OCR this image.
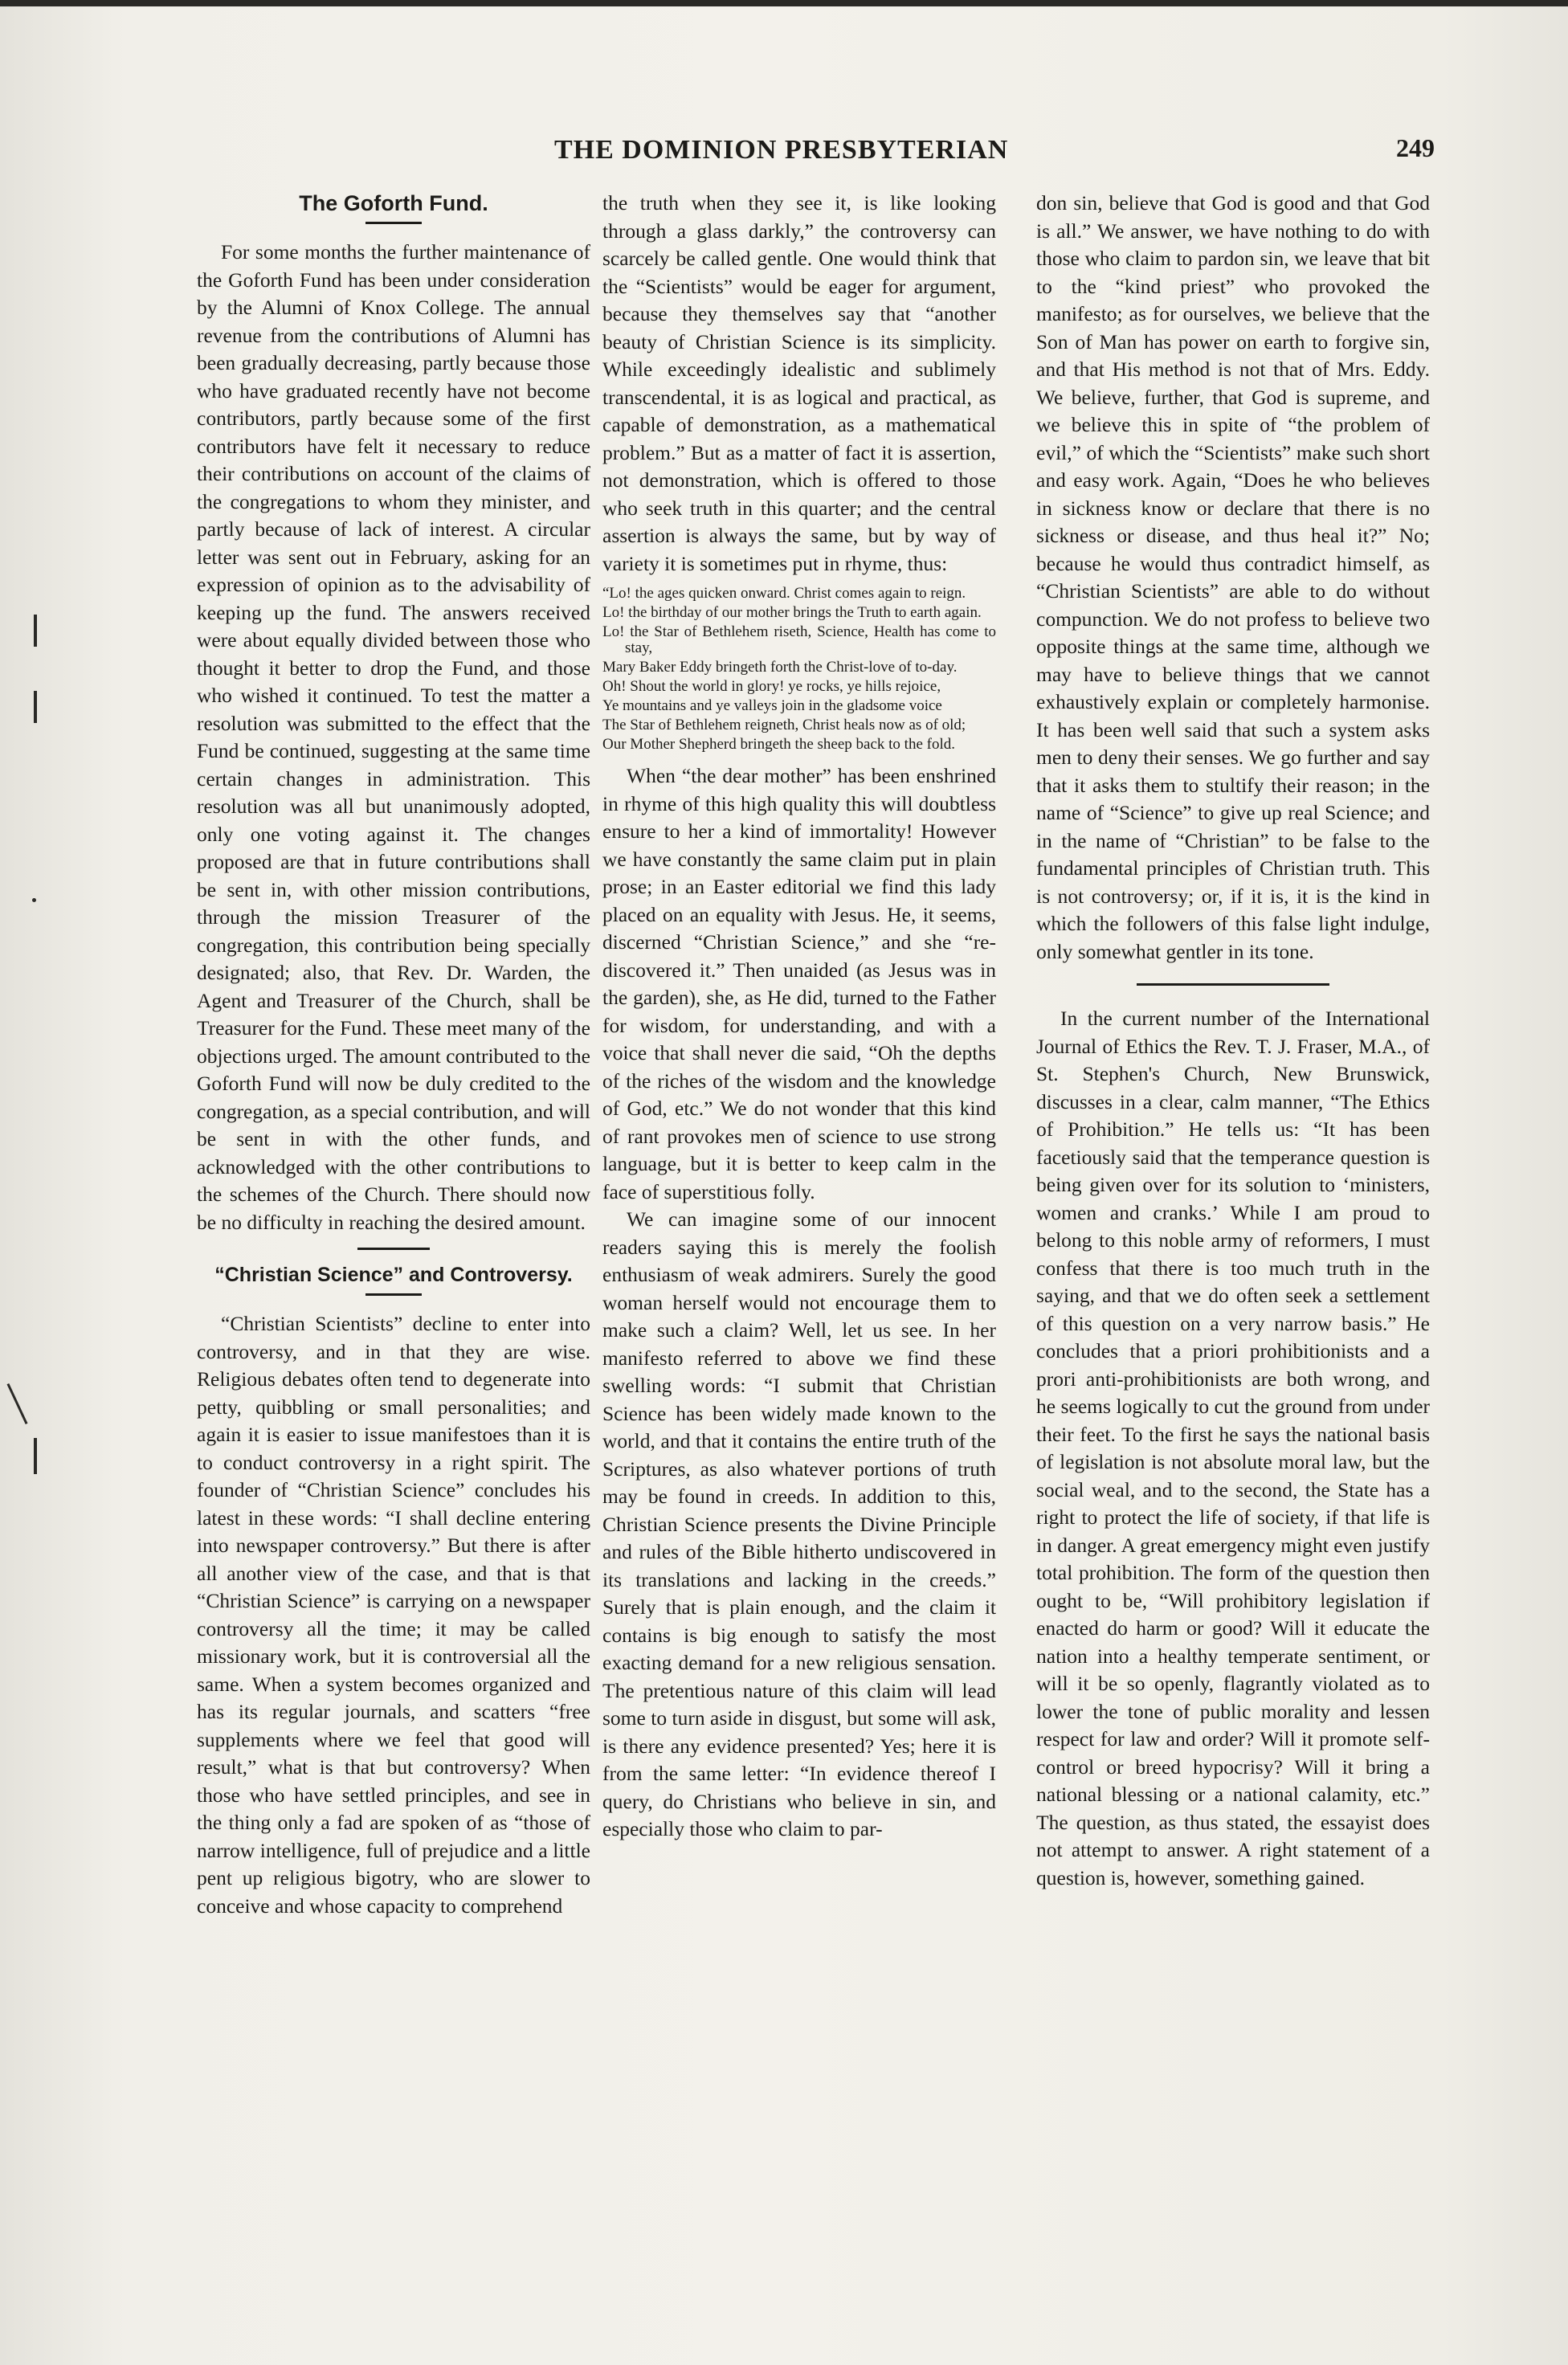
THE DOMINION PRESBYTERIAN	249
The Goforth Fund.

For some months the further maintenance of the Goforth Fund has been under consideration by the Alumni of Knox College. The annual revenue from the contributions of Alumni has been gradually decreasing, partly because those who have graduated recently have not become contributors, partly because some of the first contributors have felt it necessary to reduce their contributions on account of the claims of the congregations to whom they minister, and partly because of lack of interest. A circular letter was sent out in February, asking for an expression of opinion as to the advisability of keeping up the fund. The answers received were about equally divided between those who thought it better to drop the Fund, and those who wished it continued. To test the matter a resolution was submitted to the effect that the Fund be continued, suggesting at the same time certain changes in administration. This resolution was all but unanimously adopted, only one voting against it. The changes proposed are that in future contributions shall be sent in, with other mission contributions, through the mission Treasurer of the congregation, this contribution being specially designated; also, that Rev. Dr. Warden, the Agent and Treasurer of the Church, shall be Treasurer for the Fund. These meet many of the objections urged. The amount contributed to the Goforth Fund will now be duly credited to the congregation, as a special contribution, and will be sent in with the other funds, and acknowledged with the other contributions to the schemes of the Church. There should now be no difficulty in reaching the desired amount.

“Christian Science” and Controversy.

“Christian Scientists” decline to enter into controversy, and in that they are wise. Religious debates often tend to degenerate into petty, quibbling or small personalities; and again it is easier to issue manifestoes than it is to conduct controversy in a right spirit. The founder of “Christian Science” concludes his latest in these words: “I shall decline entering into newspaper controversy.” But there is after all another view of the case, and that is that “Christian Science” is carrying on a newspaper controversy all the time; it may be called missionary work, but it is controversial all the same. When a system becomes organized and has its regular journals, and scatters “free supplements where we feel that good will result,” what is that but controversy? When those who have settled principles, and see in the thing only a fad are spoken of as “those of narrow intelligence, full of prejudice and a little pent up religious bigotry, who are slower to conceive and whose capacity to comprehend

the truth when they see it, is like looking through a glass darkly,” the controversy can scarcely be called gentle. One would think that the “Scientists” would be eager for argument, because they themselves say that “another beauty of Christian Science is its simplicity. While exceedingly idealistic and sublimely transcendental, it is as logical and practical, as capable of demonstration, as a mathematical problem.” But as a matter of fact it is assertion, not demonstration, which is offered to those who seek truth in this quarter; and the central assertion is always the same, but by way of variety it is sometimes put in rhyme, thus:

“Lo! the ages quicken onward. Christ comes again to reign.
Lo! the birthday of our mother brings the Truth to earth again.
Lo! the Star of Bethlehem riseth, Science, Health has come to stay,
Mary Baker Eddy bringeth forth the Christ-love of to-day.
Oh! Shout the world in glory! ye rocks, ye hills rejoice,
Ye mountains and ye valleys join in the gladsome voice
The Star of Bethlehem reigneth, Christ heals now as of old;
Our Mother Shepherd bringeth the sheep back to the fold.

When “the dear mother” has been enshrined in rhyme of this high quality this will doubtless ensure to her a kind of immortality! However we have constantly the same claim put in plain prose; in an Easter editorial we find this lady placed on an equality with Jesus. He, it seems, discerned “Christian Science,” and she “re-discovered it.” Then unaided (as Jesus was in the garden), she, as He did, turned to the Father for wisdom, for understanding, and with a voice that shall never die said, “Oh the depths of the riches of the wisdom and the knowledge of God, etc.” We do not wonder that this kind of rant provokes men of science to use strong language, but it is better to keep calm in the face of superstitious folly.

We can imagine some of our innocent readers saying this is merely the foolish enthusiasm of weak admirers. Surely the good woman herself would not encourage them to make such a claim? Well, let us see. In her manifesto referred to above we find these swelling words: “I submit that Christian Science has been widely made known to the world, and that it contains the entire truth of the Scriptures, as also whatever portions of truth may be found in creeds. In addition to this, Christian Science presents the Divine Principle and rules of the Bible hitherto undiscovered in its translations and lacking in the creeds.” Surely that is plain enough, and the claim it contains is big enough to satisfy the most exacting demand for a new religious sensation. The pretentious nature of this claim will lead some to turn aside in disgust, but some will ask, is there any evidence presented? Yes; here it is from the same letter: “In evidence thereof I query, do Christians who believe in sin, and especially those who claim to par-

don sin, believe that God is good and that God is all.” We answer, we have nothing to do with those who claim to pardon sin, we leave that bit to the “kind priest” who provoked the manifesto; as for ourselves, we believe that the Son of Man has power on earth to forgive sin, and that His method is not that of Mrs. Eddy. We believe, further, that God is supreme, and we believe this in spite of “the problem of evil,” of which the “Scientists” make such short and easy work. Again, “Does he who believes in sickness know or declare that there is no sickness or disease, and thus heal it?” No; because he would thus contradict himself, as “Christian Scientists” are able to do without compunction. We do not profess to believe two opposite things at the same time, although we may have to believe things that we cannot exhaustively explain or completely harmonise. It has been well said that such a system asks men to deny their senses. We go further and say that it asks them to stultify their reason; in the name of “Science” to give up real Science; and in the name of “Christian” to be false to the fundamental principles of Christian truth. This is not controversy; or, if it is, it is the kind in which the followers of this false light indulge, only somewhat gentler in its tone.

In the current number of the International Journal of Ethics the Rev. T. J. Fraser, M.A., of St. Stephen's Church, New Brunswick, discusses in a clear, calm manner, “The Ethics of Prohibition.” He tells us: “It has been facetiously said that the temperance question is being given over for its solution to ‘ministers, women and cranks.’ While I am proud to belong to this noble army of reformers, I must confess that there is too much truth in the saying, and that we do often seek a settlement of this question on a very narrow basis.” He concludes that a priori prohibitionists and a prori anti-prohibitionists are both wrong, and he seems logically to cut the ground from under their feet. To the first he says the national basis of legislation is not absolute moral law, but the social weal, and to the second, the State has a right to protect the life of society, if that life is in danger. A great emergency might even justify total prohibition. The form of the question then ought to be, “Will prohibitory legislation if enacted do harm or good? Will it educate the nation into a healthy temperate sentiment, or will it be so openly, flagrantly violated as to lower the tone of public morality and lessen respect for law and order? Will it promote self-control or breed hypocrisy? Will it bring a national blessing or a national calamity, etc.” The question, as thus stated, the essayist does not attempt to answer. A right statement of a question is, however, something gained.
